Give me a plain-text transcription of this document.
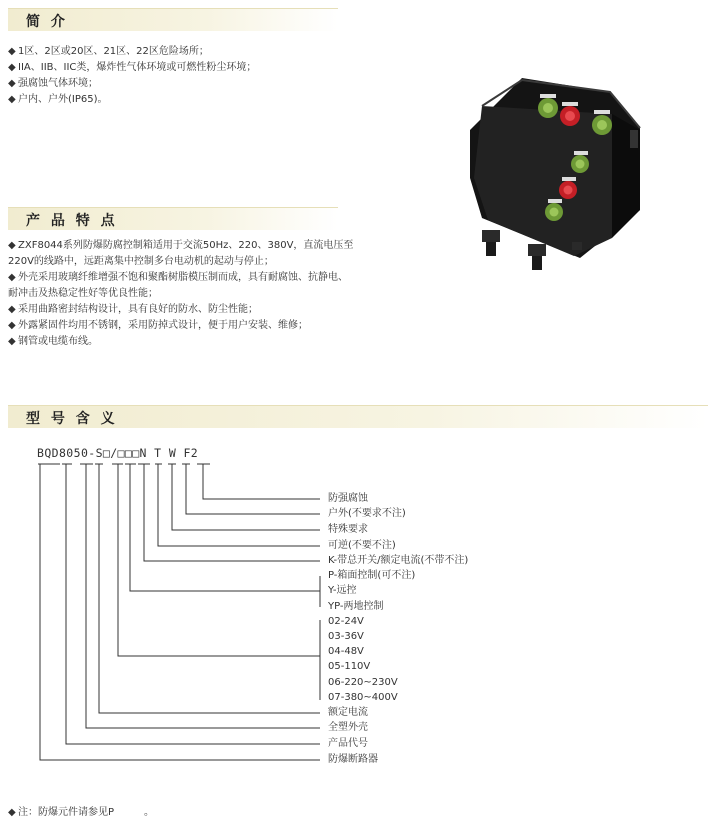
简 介
◆ 1区、2区或20区、21区、22区危险场所；
◆ IIA、IIB、IIC类，爆炸性气体环境或可燃性粉尘环境；
◆ 强腐蚀气体环境；
◆ 户内、户外(IP65)。
产 品 特 点
◆ ZXF8044系列防爆防腐控制箱适用于交流50Hz、220、380V，直流电压至
220V的线路中，远距离集中控制多台电动机的起动与停止；
◆ 外壳采用玻璃纤维增强不饱和聚酯树脂模压制而成，具有耐腐蚀、抗静电、
耐冲击及热稳定性好等优良性能；
◆ 采用曲路密封结构设计，具有良好的防水、防尘性能；
◆ 外露紧固件均用不锈钢，采用防掉式设计，便于用户安装、维修；
◆ 钢管或电缆布线。
型 号 含 义
BQD8050-S□/□□□N T W F2
防强腐蚀
户外(不要求不注)
特殊要求
可逆(不要不注)
K-带总开关/额定电流(不带不注)
P-箱面控制(可不注)
Y-远控
YP-两地控制
02-24V
03-36V
04-48V
05-110V
06-220~230V
07-380~400V
额定电流
全塑外壳
产品代号
防爆断路器
◆ 注：防爆元件请参见P　　　。
